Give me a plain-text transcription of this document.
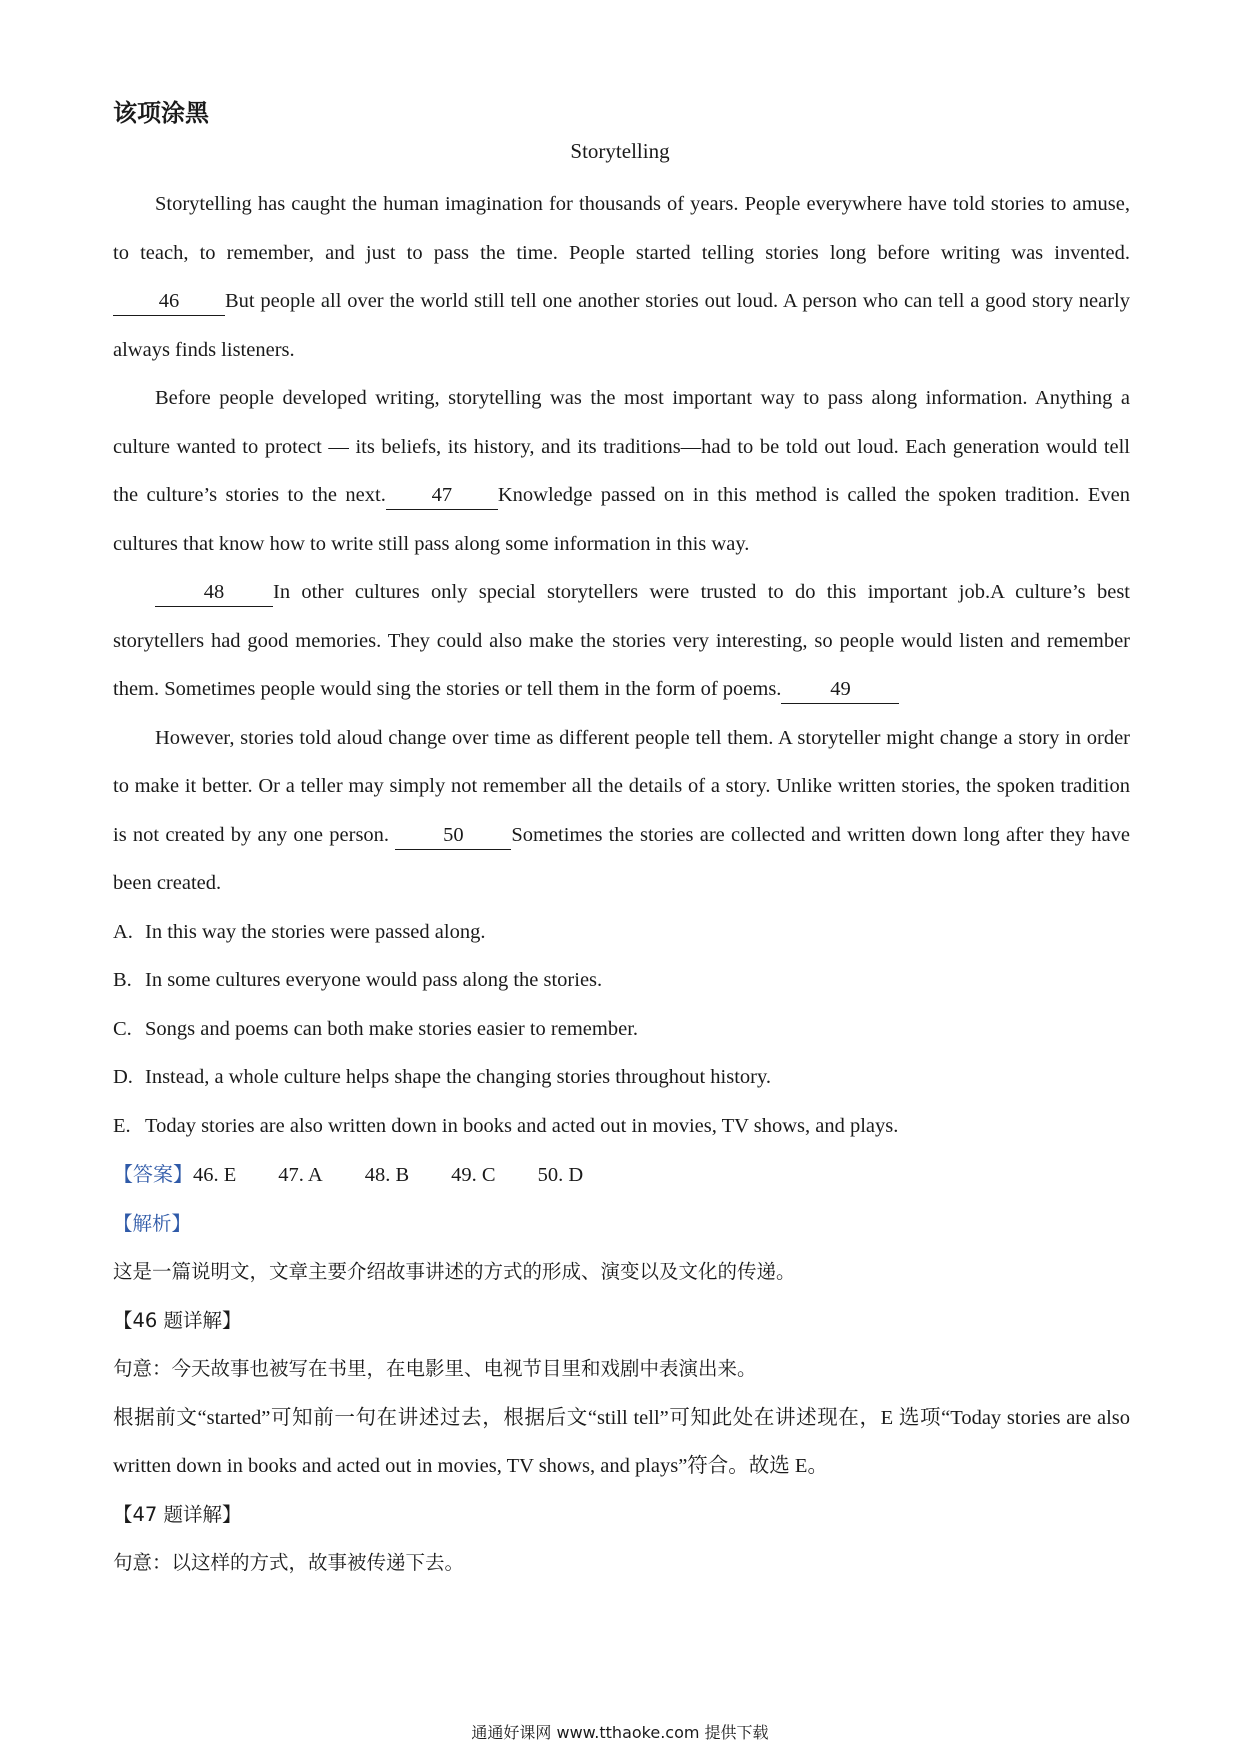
该项涂黑
Storytelling

Storytelling has caught the human imagination for thousands of years. People everywhere have told stories to amuse, to teach, to remember, and just to pass the time. People started telling stories long before writing was invented.46 But people all over the world still tell one another stories out loud. A person who can tell a good story nearly always finds listeners.

Before people developed writing, storytelling was the most important way to pass along information. Anything a culture wanted to protect — its beliefs, its history, and its traditions—had to be told out loud. Each generation would tell the culture’s stories to the next. 47 Knowledge passed on in this method is called the spoken tradition. Even cultures that know how to write still pass along some information in this way.

48 In other cultures only special storytellers were trusted to do this important job.A culture’s best storytellers had good memories. They could also make the stories very interesting, so people would listen and remember them. Sometimes people would sing the stories or tell them in the form of poems. 49

However, stories told aloud change over time as different people tell them. A storyteller might change a story in order to make it better. Or a teller may simply not remember all the details of a story. Unlike written stories, the spoken tradition is not created by any one person.	50 Sometimes the stories are collected and written down long after they have been created.

A. In this way the stories were passed along.

B. In some cultures everyone would pass along the stories.

C. Songs and poems can both make stories easier to remember.

D. Instead, a whole culture helps shape the changing stories throughout history.

E. Today stories are also written down in books and acted out in movies, TV shows, and plays.

【答案】46. E 47. A 48. B 49. C 50. D

【解析】

这是一篇说明文，文章主要介绍故事讲述的方式的形成、演变以及文化的传递。

【46 题详解】

句意：今天故事也被写在书里，在电影里、电视节目里和戏剧中表演出来。

根据前文“started”可知前一句在讲述过去，根据后文“still tell”可知此处在讲述现在，E 选项“Today stories are also written down in books and acted out in movies, TV shows, and plays”符合。故选 E。

【47 题详解】

句意：以这样的方式，故事被传递下去。

通通好课网 www.tthaoke.com 提供下载
